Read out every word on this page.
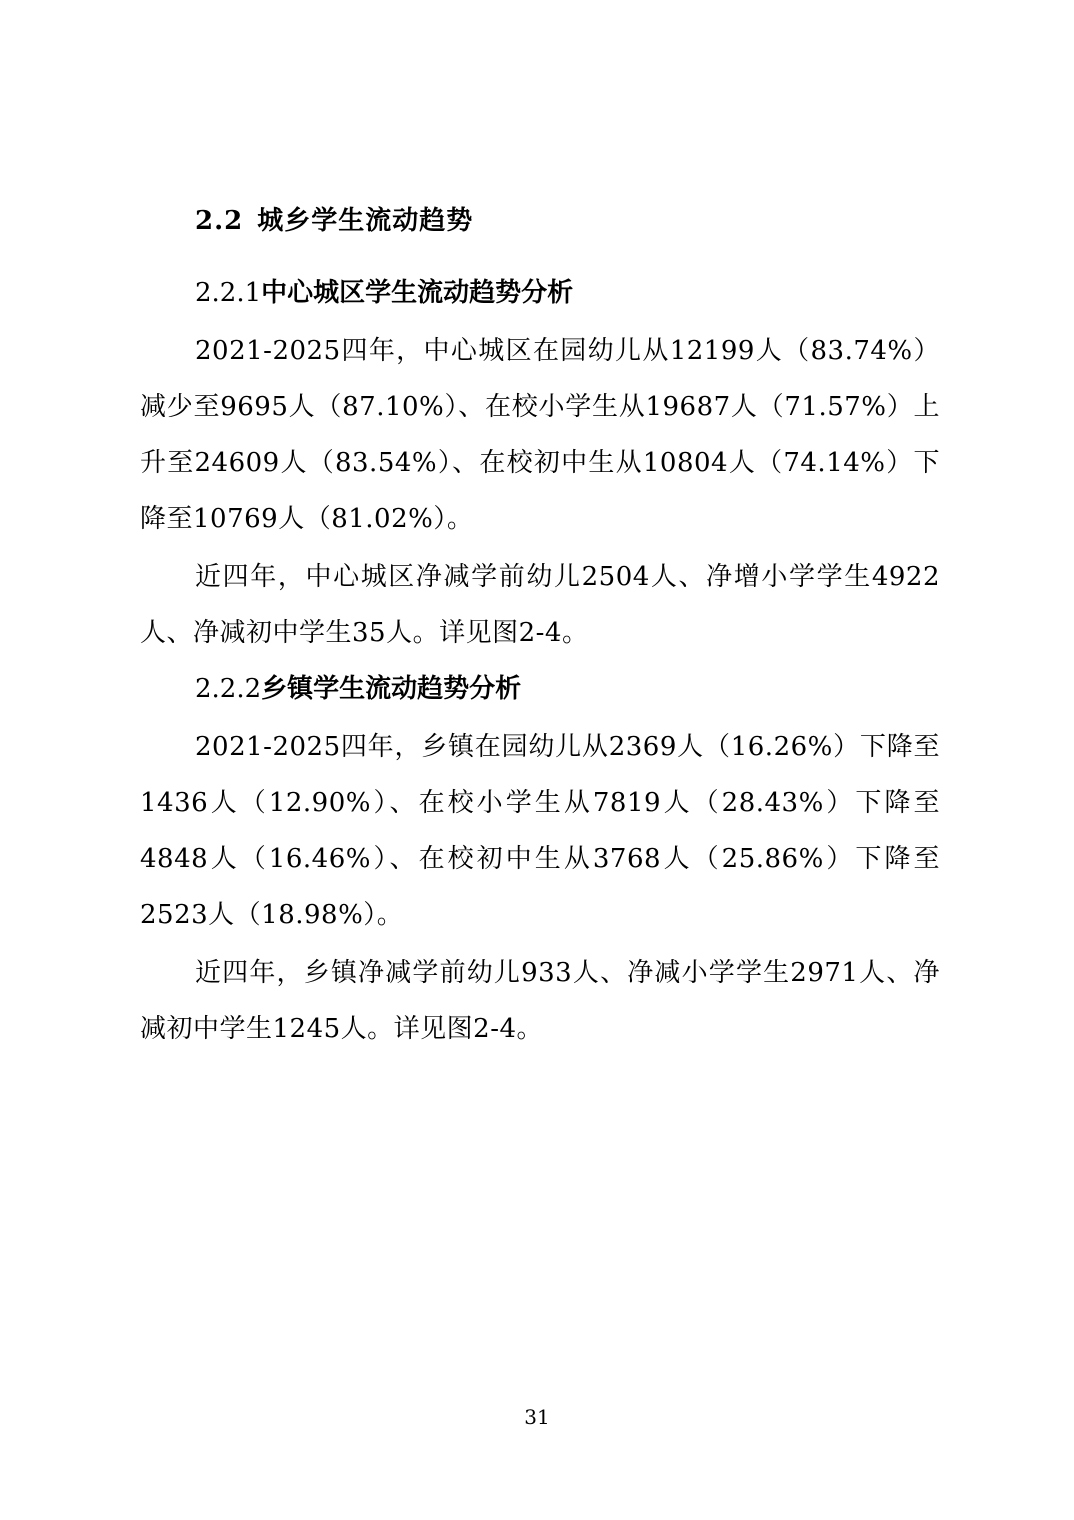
2.2 城乡学生流动趋势
2.2.1中心城区学生流动趋势分析

2021-2025四年，中心城区在园幼儿从12199人（83.74%）减少至9695人（87.10%）、在校小学生从19687人（71.57%）上升至24609人（83.54%）、在校初中生从10804人（74.14%）下降至10769人（81.02%）。

近四年，中心城区净减学前幼儿2504人、净增小学学生4922人、净减初中学生35人。详见图2-4。

2.2.2乡镇学生流动趋势分析

2021-2025四年，乡镇在园幼儿从2369人（16.26%）下降至1436人（12.90%）、在校小学生从7819人（28.43%）下降至4848人（16.46%）、在校初中生从3768人（25.86%）下降至2523人（18.98%）。

近四年，乡镇净减学前幼儿933人、净减小学学生2971人、净减初中学生1245人。详见图2-4。

31
